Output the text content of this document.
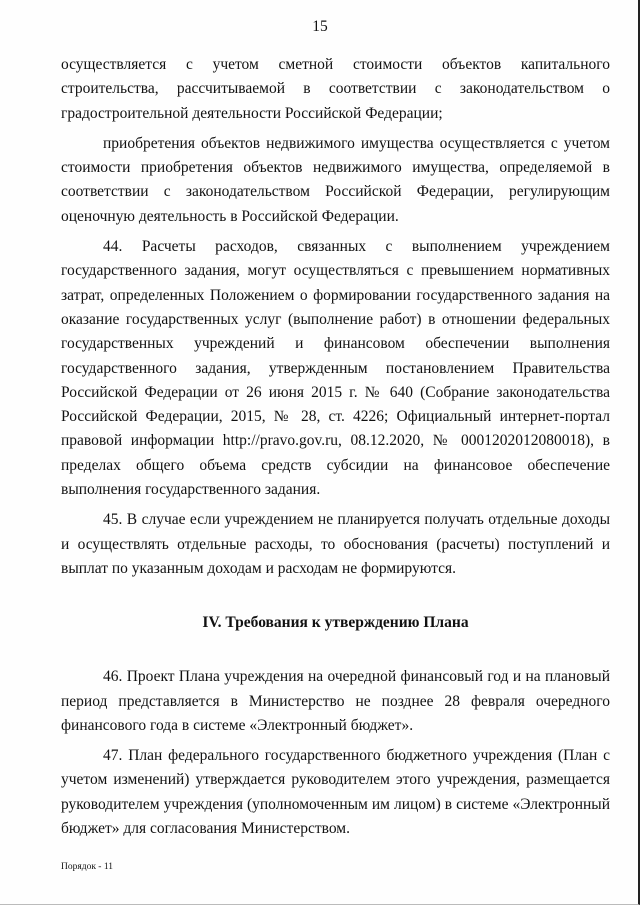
15

осуществляется с учетом сметной стоимости объектов капитального строительства, рассчитываемой в соответствии с законодательством о градостроительной деятельности Российской Федерации;

приобретения объектов недвижимого имущества осуществляется с учетом стоимости приобретения объектов недвижимого имущества, определяемой в соответствии с законодательством Российской Федерации, регулирующим оценочную деятельность в Российской Федерации.

44. Расчеты расходов, связанных с выполнением учреждением государственного задания, могут осуществляться с превышением нормативных затрат, определенных Положением о формировании государственного задания на оказание государственных услуг (выполнение работ) в отношении федеральных государственных учреждений и финансовом обеспечении выполнения государственного задания, утвержденным постановлением Правительства Российской Федерации от 26 июня 2015 г. № 640 (Собрание законодательства Российской Федерации, 2015, № 28, ст. 4226; Официальный интернет-портал правовой информации http://pravo.gov.ru, 08.12.2020, № 0001202012080018), в пределах общего объема средств субсидии на финансовое обеспечение выполнения государственного задания.

45. В случае если учреждением не планируется получать отдельные доходы и осуществлять отдельные расходы, то обоснования (расчеты) поступлений и выплат по указанным доходам и расходам не формируются.

IV. Требования к утверждению Плана

46. Проект Плана учреждения на очередной финансовый год и на плановый период представляется в Министерство не позднее 28 февраля очередного финансового года в системе «Электронный бюджет».

47. План федерального государственного бюджетного учреждения (План с учетом изменений) утверждается руководителем этого учреждения, размещается руководителем учреждения (уполномоченным им лицом) в системе «Электронный бюджет» для согласования Министерством.

Порядок - 11
